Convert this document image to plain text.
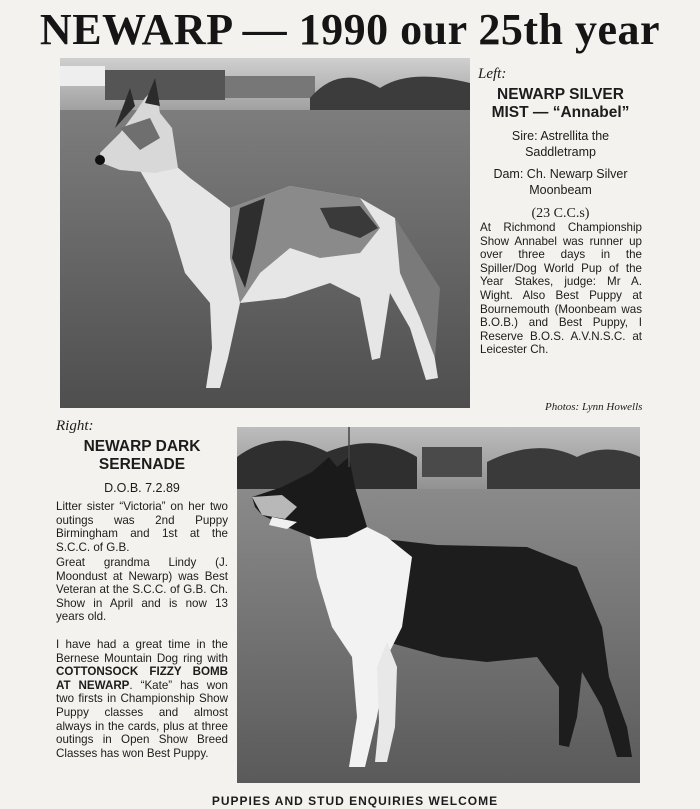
NEWARP — 1990 our 25th year
Left:
NEWARP SILVER
MIST — “Annabel”
Sire: Astrellita the Saddletramp
Dam: Ch. Newarp Silver Moonbeam
(23 C.C.s)
At Richmond Championship Show Annabel was runner up over three days in the Spiller/Dog World Pup of the Year Stakes, judge: Mr A. Wight. Also Best Puppy at Bournemouth (Moonbeam was B.O.B.) and Best Puppy, I Reserve B.O.S. A.V.N.S.C. at Leicester Ch.
Photos: Lynn Howells
Right:
NEWARP DARK
SERENADE
D.O.B. 7.2.89
Litter sister “Victoria” on her two outings was 2nd Puppy Birmingham and 1st at the S.C.C. of G.B.
Great grandma Lindy (J. Moondust at Newarp) was Best Veteran at the S.C.C. of G.B. Ch. Show in April and is now 13 years old.
I have had a great time in the Bernese Mountain Dog ring with COTTONSOCK FIZZY BOMB AT NEWARP. “Kate” has won two firsts in Championship Show Puppy classes and almost always in the cards, plus at three outings in Open Show Breed Classes has won Best Puppy.
PUPPIES AND STUD ENQUIRIES WELCOME
